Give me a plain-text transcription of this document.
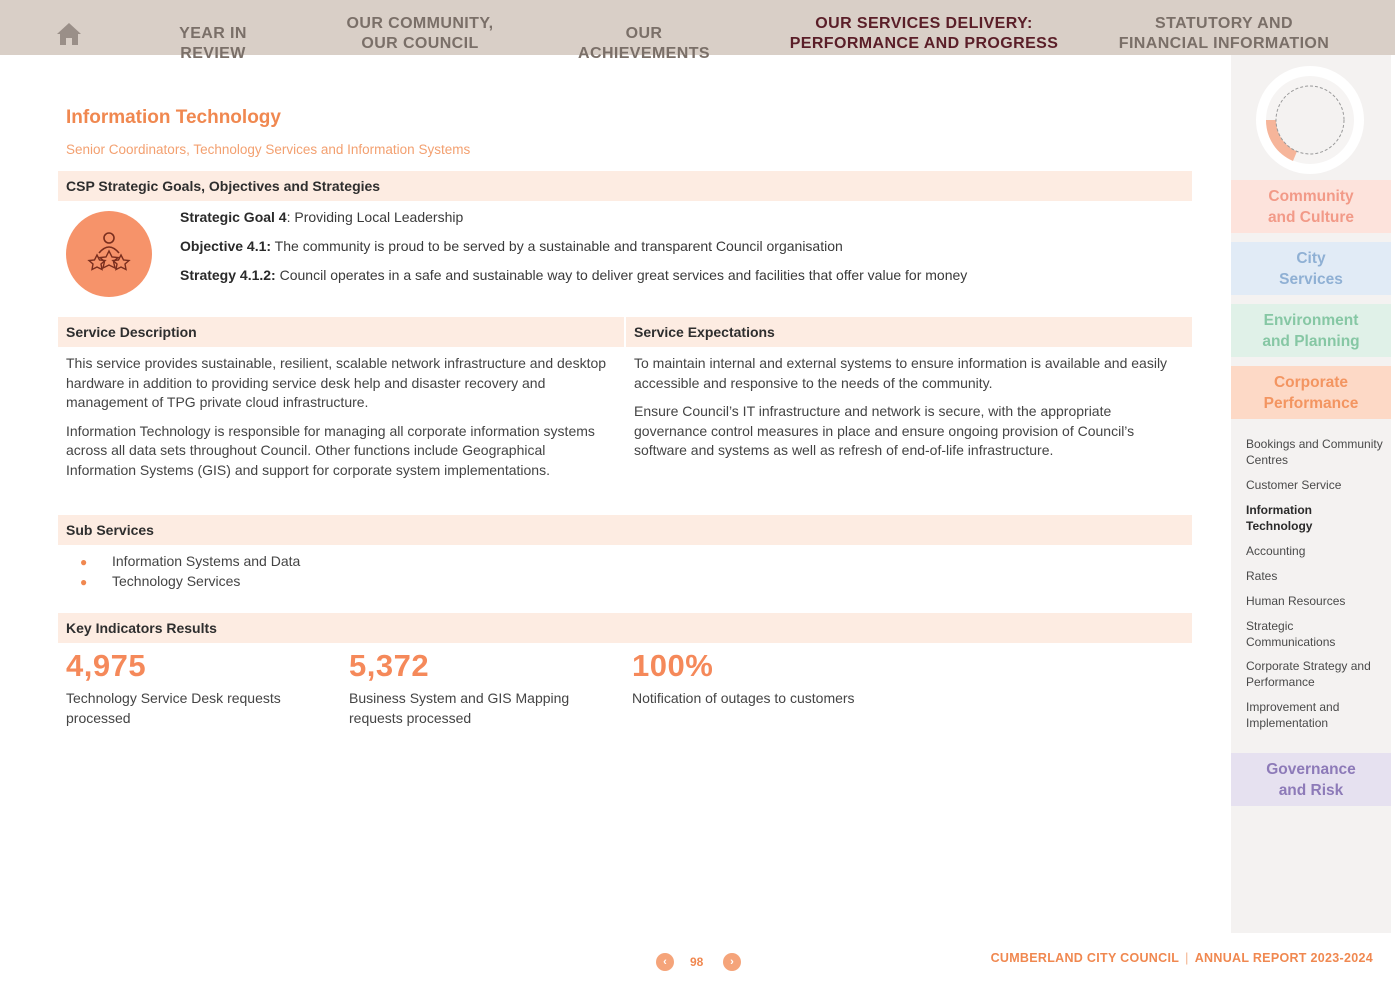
YEAR IN REVIEW
OUR COMMUNITY,
OUR COUNCIL
OUR ACHIEVEMENTS
OUR SERVICES DELIVERY:
PERFORMANCE AND PROGRESS
STATUTORY AND
FINANCIAL INFORMATION
Information Technology
Senior Coordinators, Technology Services and Information Systems
CSP Strategic Goals, Objectives and Strategies
Strategic Goal 4: Providing Local Leadership
Objective 4.1: The community is proud to be served by a sustainable and transparent Council organisation
Strategy 4.1.2: Council operates in a safe and sustainable way to deliver great services and facilities that offer value for money
Service Description	Service Expectations

This service provides sustainable, resilient, scalable network infrastructure and desktop hardware in addition to providing service desk help and disaster recovery and management of TPG private cloud infrastructure.

Information Technology is responsible for managing all corporate information systems across all data sets throughout Council. Other functions include Geographical Information Systems (GIS) and support for corporate system implementations.

To maintain internal and external systems to ensure information is available and easily accessible and responsive to the needs of the community.

Ensure Council’s IT infrastructure and network is secure, with the appropriate governance control measures in place and ensure ongoing provision of Council’s software and systems as well as refresh of end-of-life infrastructure.

Sub Services
● Information Systems and Data
● Technology Services
Key Indicators Results
4,975
Technology Service Desk requests processed
5,372
Business System and GIS Mapping requests processed
100%
Notification of outages to customers
Community
and Culture
City
Services
Environment
and Planning
Corporate
Performance
Bookings and Community Centres
Customer Service
Information Technology
Accounting
Rates
Human Resources
Strategic Communications
Corporate Strategy and Performance
Improvement and Implementation
Governance
and Risk
‹	98	›	CUMBERLAND CITY COUNCIL | ANNUAL REPORT 2023-2024
